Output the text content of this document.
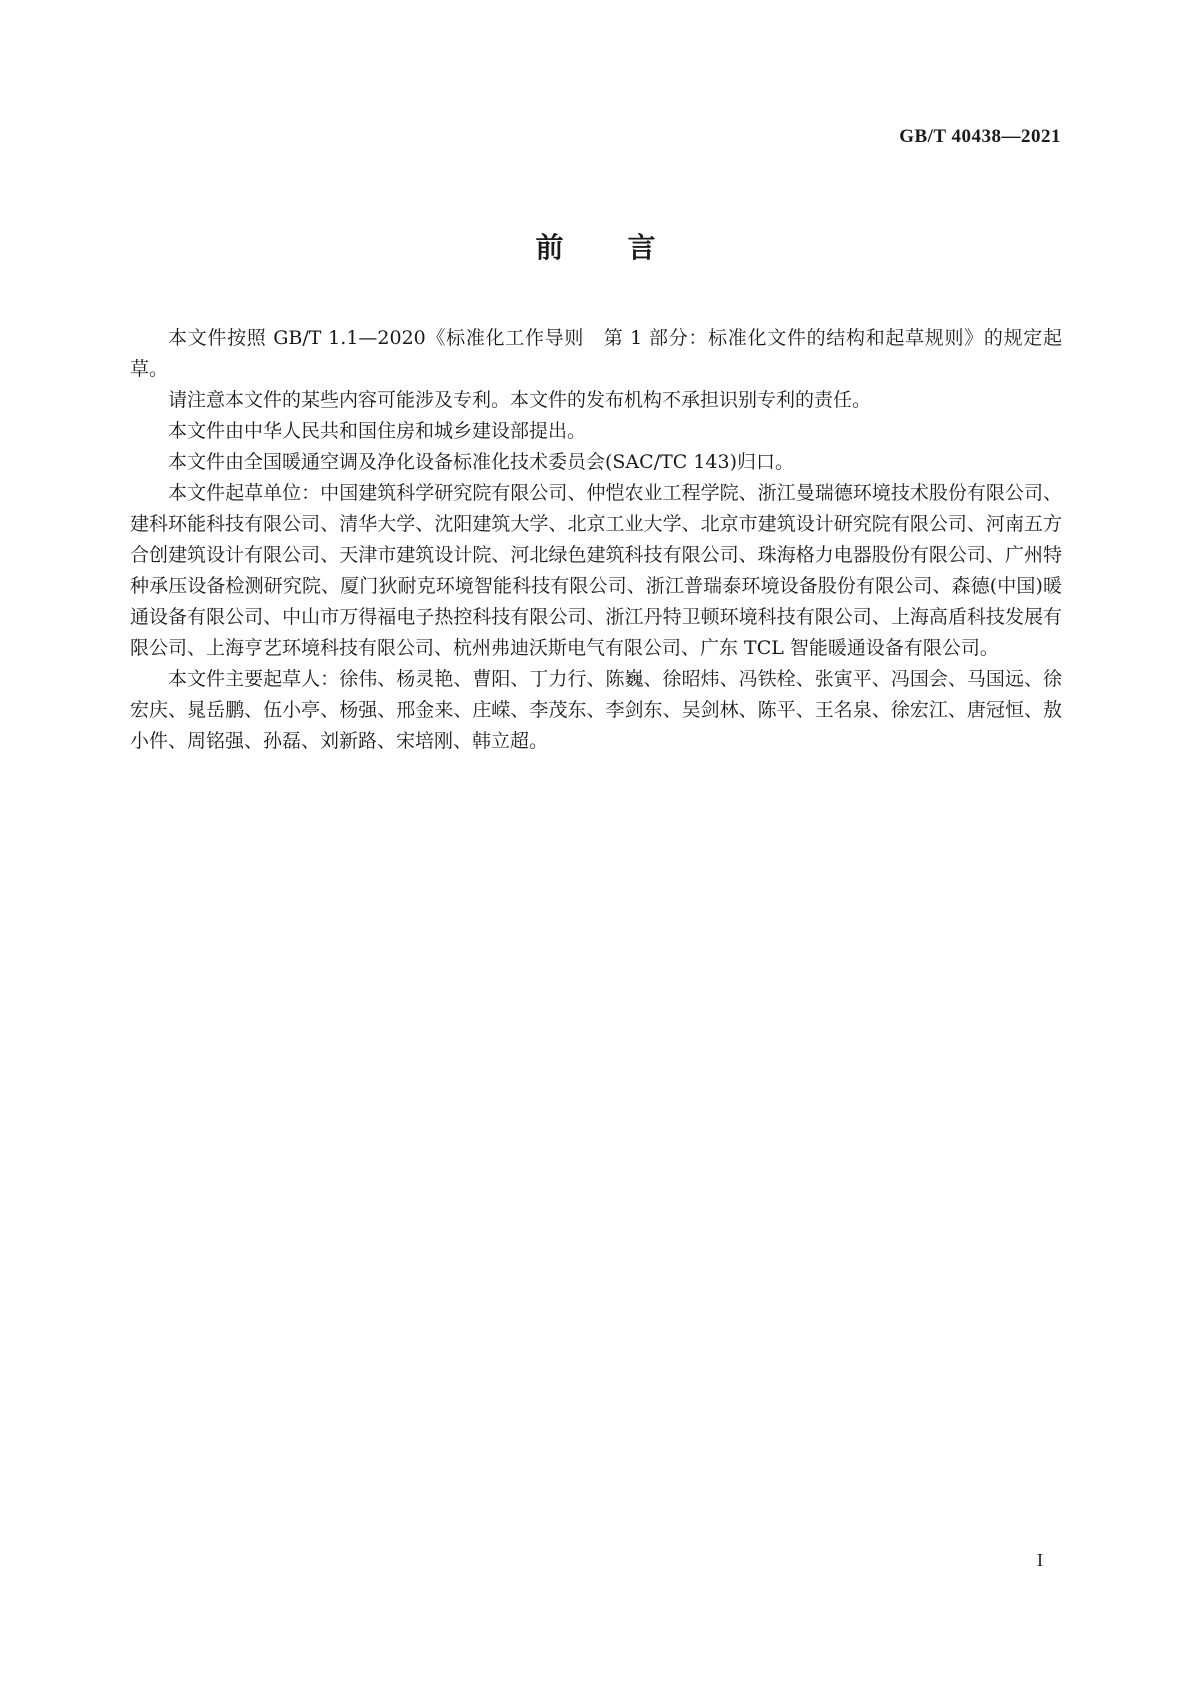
GB/T 40438—2021
前 言

本文件按照 GB/T 1.1—2020《标准化工作导则　第 1 部分：标准化文件的结构和起草规则》的规定起草。

请注意本文件的某些内容可能涉及专利。本文件的发布机构不承担识别专利的责任。

本文件由中华人民共和国住房和城乡建设部提出。

本文件由全国暖通空调及净化设备标准化技术委员会(SAC/TC 143)归口。

本文件起草单位：中国建筑科学研究院有限公司、仲恺农业工程学院、浙江曼瑞德环境技术股份有限公司、建科环能科技有限公司、清华大学、沈阳建筑大学、北京工业大学、北京市建筑设计研究院有限公司、河南五方合创建筑设计有限公司、天津市建筑设计院、河北绿色建筑科技有限公司、珠海格力电器股份有限公司、广州特种承压设备检测研究院、厦门狄耐克环境智能科技有限公司、浙江普瑞泰环境设备股份有限公司、森德(中国)暖通设备有限公司、中山市万得福电子热控科技有限公司、浙江丹特卫顿环境科技有限公司、上海高盾科技发展有限公司、上海亨艺环境科技有限公司、杭州弗迪沃斯电气有限公司、广东 TCL 智能暖通设备有限公司。

本文件主要起草人：徐伟、杨灵艳、曹阳、丁力行、陈巍、徐昭炜、冯铁栓、张寅平、冯国会、马国远、徐宏庆、晁岳鹏、伍小亭、杨强、邢金来、庄嵘、李茂东、李剑东、吴剑林、陈平、王名泉、徐宏江、唐冠恒、敖小件、周铭强、孙磊、刘新路、宋培刚、韩立超。

I
